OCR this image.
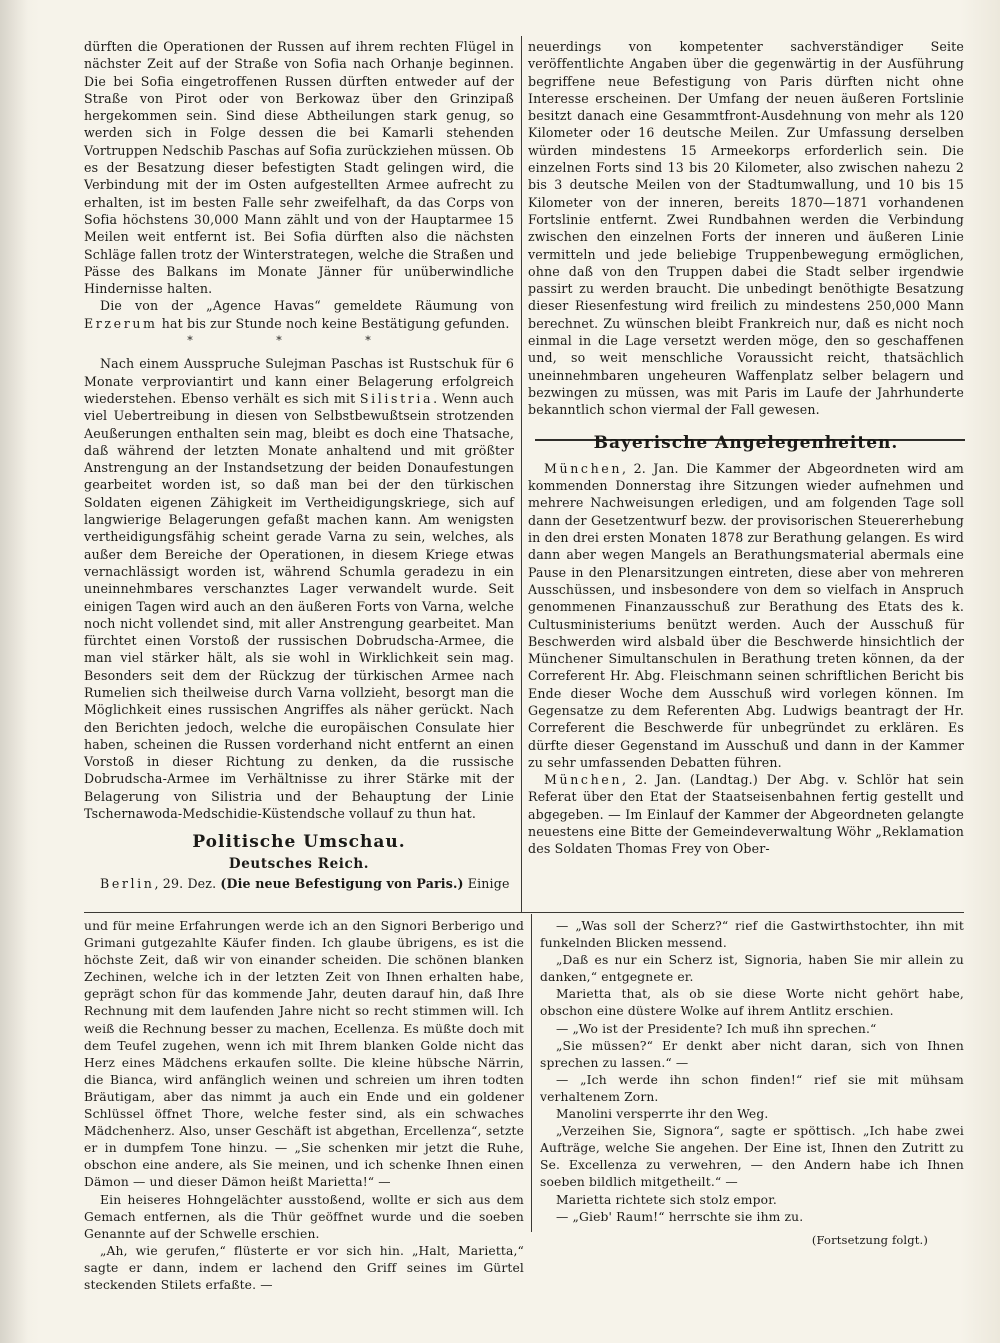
dürften die Operationen der Russen auf ihrem rechten Flügel in nächster Zeit auf der Straße von Sofia nach Orhanje beginnen. Die bei Sofia eingetroffenen Russen dürften entweder auf der Straße von Pirot oder von Berkowaz über den Grinzipaß hergekommen sein. Sind diese Abtheilungen stark genug, so werden sich in Folge dessen die bei Kamarli stehenden Vortruppen Nedschib Paschas auf Sofia zurückziehen müssen. Ob es der Besatzung dieser befestigten Stadt gelingen wird, die Verbindung mit der im Osten aufgestellten Armee aufrecht zu erhalten, ist im besten Falle sehr zweifelhaft, da das Corps von Sofia höchstens 30,000 Mann zählt und von der Hauptarmee 15 Meilen weit entfernt ist. Bei Sofia dürften also die nächsten Schläge fallen trotz der Winterstrategen, welche die Straßen und Pässe des Balkans im Monate Jänner für unüberwindliche Hindernisse halten.

Die von der „Agence Havas“ gemeldete Räumung von Erzerum hat bis zur Stunde noch keine Bestätigung gefunden.

* * *

Nach einem Ausspruche Sulejman Paschas ist Rustschuk für 6 Monate verproviantirt und kann einer Belagerung erfolgreich wiederstehen. Ebenso verhält es sich mit Silistria. Wenn auch viel Uebertreibung in diesen von Selbstbewußtsein strotzenden Aeußerungen enthalten sein mag, bleibt es doch eine Thatsache, daß während der letzten Monate anhaltend und mit größter Anstrengung an der Instandsetzung der beiden Donaufestungen gearbeitet worden ist, so daß man bei der den türkischen Soldaten eigenen Zähigkeit im Vertheidigungskriege, sich auf langwierige Belagerungen gefaßt machen kann. Am wenigsten vertheidigungsfähig scheint gerade Varna zu sein, welches, als außer dem Bereiche der Operationen, in diesem Kriege etwas vernachlässigt worden ist, während Schumla geradezu in ein uneinnehmbares verschanztes Lager verwandelt wurde. Seit einigen Tagen wird auch an den äußeren Forts von Varna, welche noch nicht vollendet sind, mit aller Anstrengung gearbeitet. Man fürchtet einen Vorstoß der russischen Dobrudscha-Armee, die man viel stärker hält, als sie wohl in Wirklichkeit sein mag. Besonders seit dem der Rückzug der türkischen Armee nach Rumelien sich theilweise durch Varna vollzieht, besorgt man die Möglichkeit eines russischen Angriffes als näher gerückt. Nach den Berichten jedoch, welche die europäischen Consulate hier haben, scheinen die Russen vorderhand nicht entfernt an einen Vorstoß in dieser Richtung zu denken, da die russische Dobrudscha-Armee im Verhältnisse zu ihrer Stärke mit der Belagerung von Silistria und der Behauptung der Linie Tschernawoda-Medschidie-Küstendsche vollauf zu thun hat.

Politische Umschau.

Deutsches Reich.

Berlin, 29. Dez. (Die neue Befestigung von Paris.) Einige

neuerdings von kompetenter sachverständiger Seite veröffentlichte Angaben über die gegenwärtig in der Ausführung begriffene neue Befestigung von Paris dürften nicht ohne Interesse erscheinen. Der Umfang der neuen äußeren Fortslinie besitzt danach eine Gesammtfront-Ausdehnung von mehr als 120 Kilometer oder 16 deutsche Meilen. Zur Umfassung derselben würden mindestens 15 Armeekorps erforderlich sein. Die einzelnen Forts sind 13 bis 20 Kilometer, also zwischen nahezu 2 bis 3 deutsche Meilen von der Stadtumwallung, und 10 bis 15 Kilometer von der inneren, bereits 1870—1871 vorhandenen Fortslinie entfernt. Zwei Rundbahnen werden die Verbindung zwischen den einzelnen Forts der inneren und äußeren Linie vermitteln und jede beliebige Truppenbewegung ermöglichen, ohne daß von den Truppen dabei die Stadt selber irgendwie passirt zu werden braucht. Die unbedingt benöthigte Besatzung dieser Riesenfestung wird freilich zu mindestens 250,000 Mann berechnet. Zu wünschen bleibt Frankreich nur, daß es nicht noch einmal in die Lage versetzt werden möge, den so geschaffenen und, so weit menschliche Voraussicht reicht, thatsächlich uneinnehmbaren ungeheuren Waffenplatz selber belagern und bezwingen zu müssen, was mit Paris im Laufe der Jahrhunderte bekanntlich schon viermal der Fall gewesen.

Bayerische Angelegenheiten.

München, 2. Jan. Die Kammer der Abgeordneten wird am kommenden Donnerstag ihre Sitzungen wieder aufnehmen und mehrere Nachweisungen erledigen, und am folgenden Tage soll dann der Gesetzentwurf bezw. der provisorischen Steuererhebung in den drei ersten Monaten 1878 zur Berathung gelangen. Es wird dann aber wegen Mangels an Berathungsmaterial abermals eine Pause in den Plenarsitzungen eintreten, diese aber von mehreren Ausschüssen, und insbesondere von dem so vielfach in Anspruch genommenen Finanzausschuß zur Berathung des Etats des k. Cultusministeriums benützt werden. Auch der Ausschuß für Beschwerden wird alsbald über die Beschwerde hinsichtlich der Münchener Simultanschulen in Berathung treten können, da der Correferent Hr. Abg. Fleischmann seinen schriftlichen Bericht bis Ende dieser Woche dem Ausschuß wird vorlegen können. Im Gegensatze zu dem Referenten Abg. Ludwigs beantragt der Hr. Correferent die Beschwerde für unbegründet zu erklären. Es dürfte dieser Gegenstand im Ausschuß und dann in der Kammer zu sehr umfassenden Debatten führen.

München, 2. Jan. (Landtag.) Der Abg. v. Schlör hat sein Referat über den Etat der Staatseisenbahnen fertig gestellt und abgegeben. — Im Einlauf der Kammer der Abgeordneten gelangte neuestens eine Bitte der Gemeindeverwaltung Wöhr „Reklamation des Soldaten Thomas Frey von Ober-

und für meine Erfahrungen werde ich an den Signori Berberigo und Grimani gutgezahlte Käufer finden. Ich glaube übrigens, es ist die höchste Zeit, daß wir von einander scheiden. Die schönen blanken Zechinen, welche ich in der letzten Zeit von Ihnen erhalten habe, geprägt schon für das kommende Jahr, deuten darauf hin, daß Ihre Rechnung mit dem laufenden Jahre nicht so recht stimmen will. Ich weiß die Rechnung besser zu machen, Ecellenza. Es müßte doch mit dem Teufel zugehen, wenn ich mit Ihrem blanken Golde nicht das Herz eines Mädchens erkaufen sollte. Die kleine hübsche Närrin, die Bianca, wird anfänglich weinen und schreien um ihren todten Bräutigam, aber das nimmt ja auch ein Ende und ein goldener Schlüssel öffnet Thore, welche fester sind, als ein schwaches Mädchenherz. Also, unser Geschäft ist abgethan, Ercellenza“, setzte er in dumpfem Tone hinzu. — „Sie schenken mir jetzt die Ruhe, obschon eine andere, als Sie meinen, und ich schenke Ihnen einen Dämon — und dieser Dämon heißt Marietta!“ —

Ein heiseres Hohngelächter ausstoßend, wollte er sich aus dem Gemach entfernen, als die Thür geöffnet wurde und die soeben Genannte auf der Schwelle erschien.

„Ah, wie gerufen,“ flüsterte er vor sich hin. „Halt, Marietta,“ sagte er dann, indem er lachend den Griff seines im Gürtel steckenden Stilets erfaßte. —

— „Was soll der Scherz?“ rief die Gastwirthstochter, ihn mit funkelnden Blicken messend.

„Daß es nur ein Scherz ist, Signoria, haben Sie mir allein zu danken,“ entgegnete er.

Marietta that, als ob sie diese Worte nicht gehört habe, obschon eine düstere Wolke auf ihrem Antlitz erschien.

— „Wo ist der Presidente? Ich muß ihn sprechen.“

„Sie müssen?“ Er denkt aber nicht daran, sich von Ihnen sprechen zu lassen.“ —

— „Ich werde ihn schon finden!“ rief sie mit mühsam verhaltenem Zorn.

Manolini versperrte ihr den Weg.

„Verzeihen Sie, Signora“, sagte er spöttisch. „Ich habe zwei Aufträge, welche Sie angehen. Der Eine ist, Ihnen den Zutritt zu Se. Excellenza zu verwehren, — den Andern habe ich Ihnen soeben bildlich mitgetheilt.“ —

Marietta richtete sich stolz empor.

— „Gieb' Raum!“ herrschte sie ihm zu.

(Fortsetzung folgt.)
